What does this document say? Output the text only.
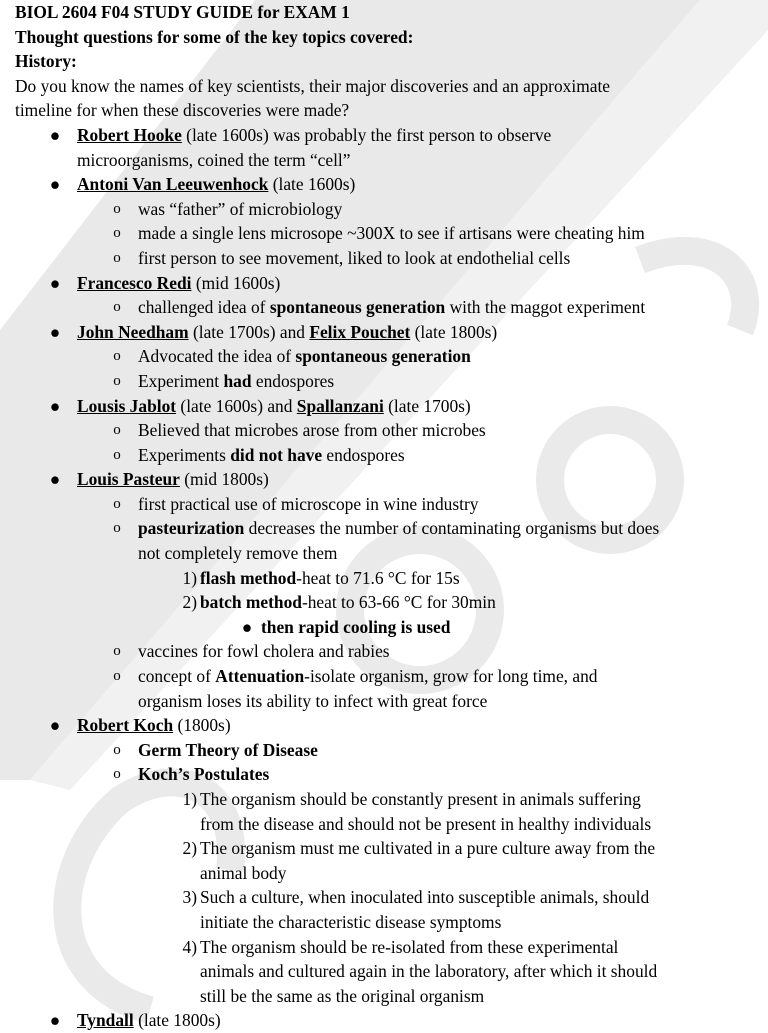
BIOL 2604 F04 STUDY GUIDE for EXAM 1
Thought questions for some of the key topics covered:
History:
Do you know the names of key scientists, their major discoveries and an approximate
timeline for when these discoveries were made?
● Robert Hooke (late 1600s) was probably the first person to observe
microorganisms, coined the term “cell”
● Antoni Van Leeuwenhock (late 1600s)
o was “father” of microbiology
o made a single lens microsope ~300X to see if artisans were cheating him
o first person to see movement, liked to look at endothelial cells
● Francesco Redi (mid 1600s)
o challenged idea of spontaneous generation with the maggot experiment
● John Needham (late 1700s) and Felix Pouchet (late 1800s)
o Advocated the idea of spontaneous generation
o Experiment had endospores
● Lousis Jablot (late 1600s) and Spallanzani (late 1700s)
o Believed that microbes arose from other microbes
o Experiments did not have endospores
● Louis Pasteur (mid 1800s)
o first practical use of microscope in wine industry
o pasteurization decreases the number of contaminating organisms but does
not completely remove them
1) flash method-heat to 71.6 °C for 15s
2) batch method-heat to 63-66 °C for 30min
● then rapid cooling is used
o vaccines for fowl cholera and rabies
o concept of Attenuation-isolate organism, grow for long time, and
organism loses its ability to infect with great force
● Robert Koch (1800s)
o Germ Theory of Disease
o Koch’s Postulates
1) The organism should be constantly present in animals suffering
from the disease and should not be present in healthy individuals
2) The organism must me cultivated in a pure culture away from the
animal body
3) Such a culture, when inoculated into susceptible animals, should
initiate the characteristic disease symptoms
4) The organism should be re-isolated from these experimental
animals and cultured again in the laboratory, after which it should
still be the same as the original organism
● Tyndall (late 1800s)
